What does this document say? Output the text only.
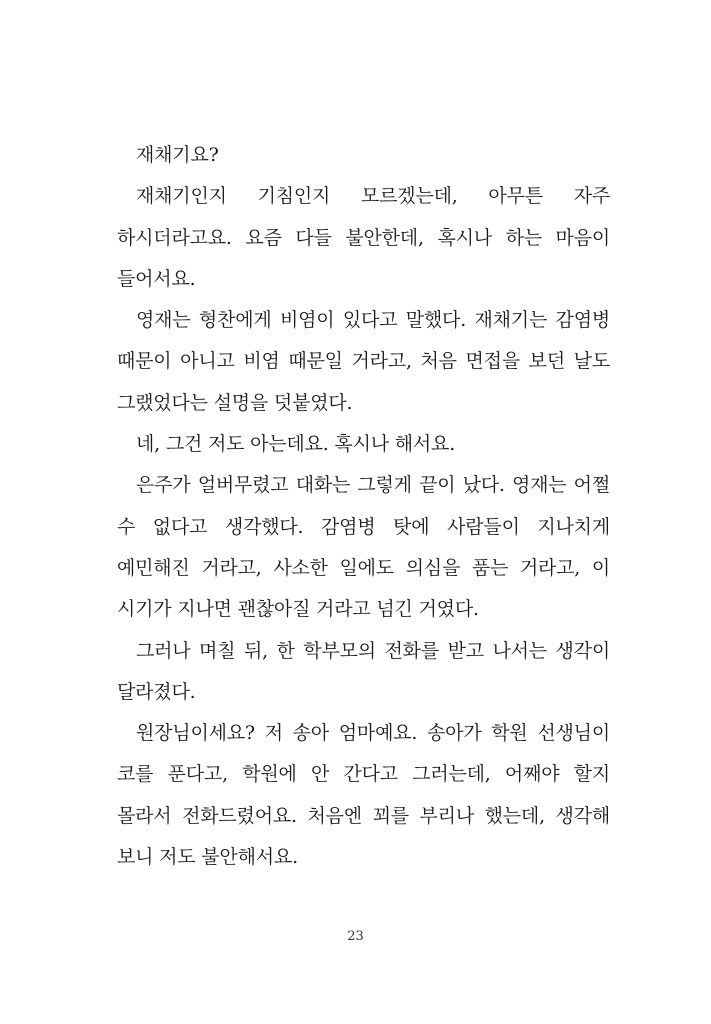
재채기요?

재채기인지 기침인지 모르겠는데, 아무튼 자주 하시더라고요. 요즘 다들 불안한데, 혹시나 하는 마음이 들어서요.

영재는 형찬에게 비염이 있다고 말했다. 재채기는 감염병 때문이 아니고 비염 때문일 거라고, 처음 면접을 보던 날도 그랬었다는 설명을 덧붙였다.

네, 그건 저도 아는데요. 혹시나 해서요.

은주가 얼버무렸고 대화는 그렇게 끝이 났다. 영재는 어쩔 수 없다고 생각했다. 감염병 탓에 사람들이 지나치게 예민해진 거라고, 사소한 일에도 의심을 품는 거라고, 이 시기가 지나면 괜찮아질 거라고 넘긴 거였다.

그러나 며칠 뒤, 한 학부모의 전화를 받고 나서는 생각이 달라졌다.

원장님이세요? 저 송아 엄마예요. 송아가 학원 선생님이 코를 푼다고, 학원에 안 간다고 그러는데, 어째야 할지 몰라서 전화드렸어요. 처음엔 꾀를 부리나 했는데, 생각해 보니 저도 불안해서요.

23
